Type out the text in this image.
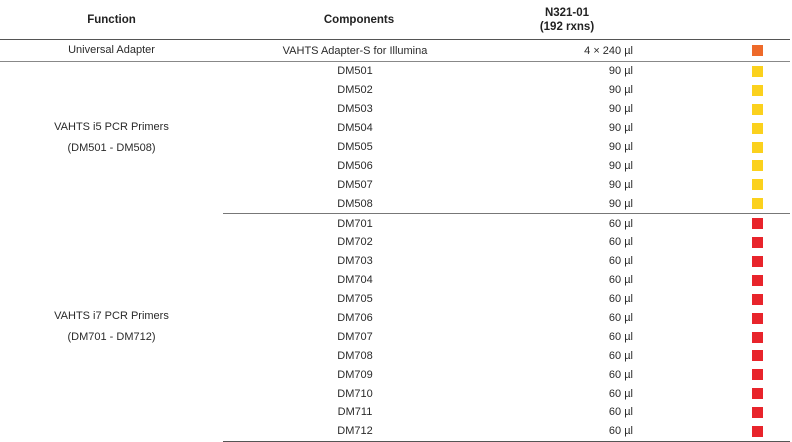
Function	Components	N321-01
(192 rxns)	

Universal Adapter	VAHTS Adapter-S for Illumina	4 × 240 µl	

VAHTS i5 PCR Primers
(DM501 - DM508)	DM501	90 µl	
	DM502	90 µl	
	DM503	90 µl	
	DM504	90 µl	
	DM505	90 µl	
	DM506	90 µl	
	DM507	90 µl	
	DM508	90 µl	

VAHTS i7 PCR Primers
(DM701 - DM712)	DM701	60 µl	
	DM702	60 µl	
	DM703	60 µl	
	DM704	60 µl	
	DM705	60 µl	
	DM706	60 µl	
	DM707	60 µl	
	DM708	60 µl	
	DM709	60 µl	
	DM710	60 µl	
	DM711	60 µl	
	DM712	60 µl	
